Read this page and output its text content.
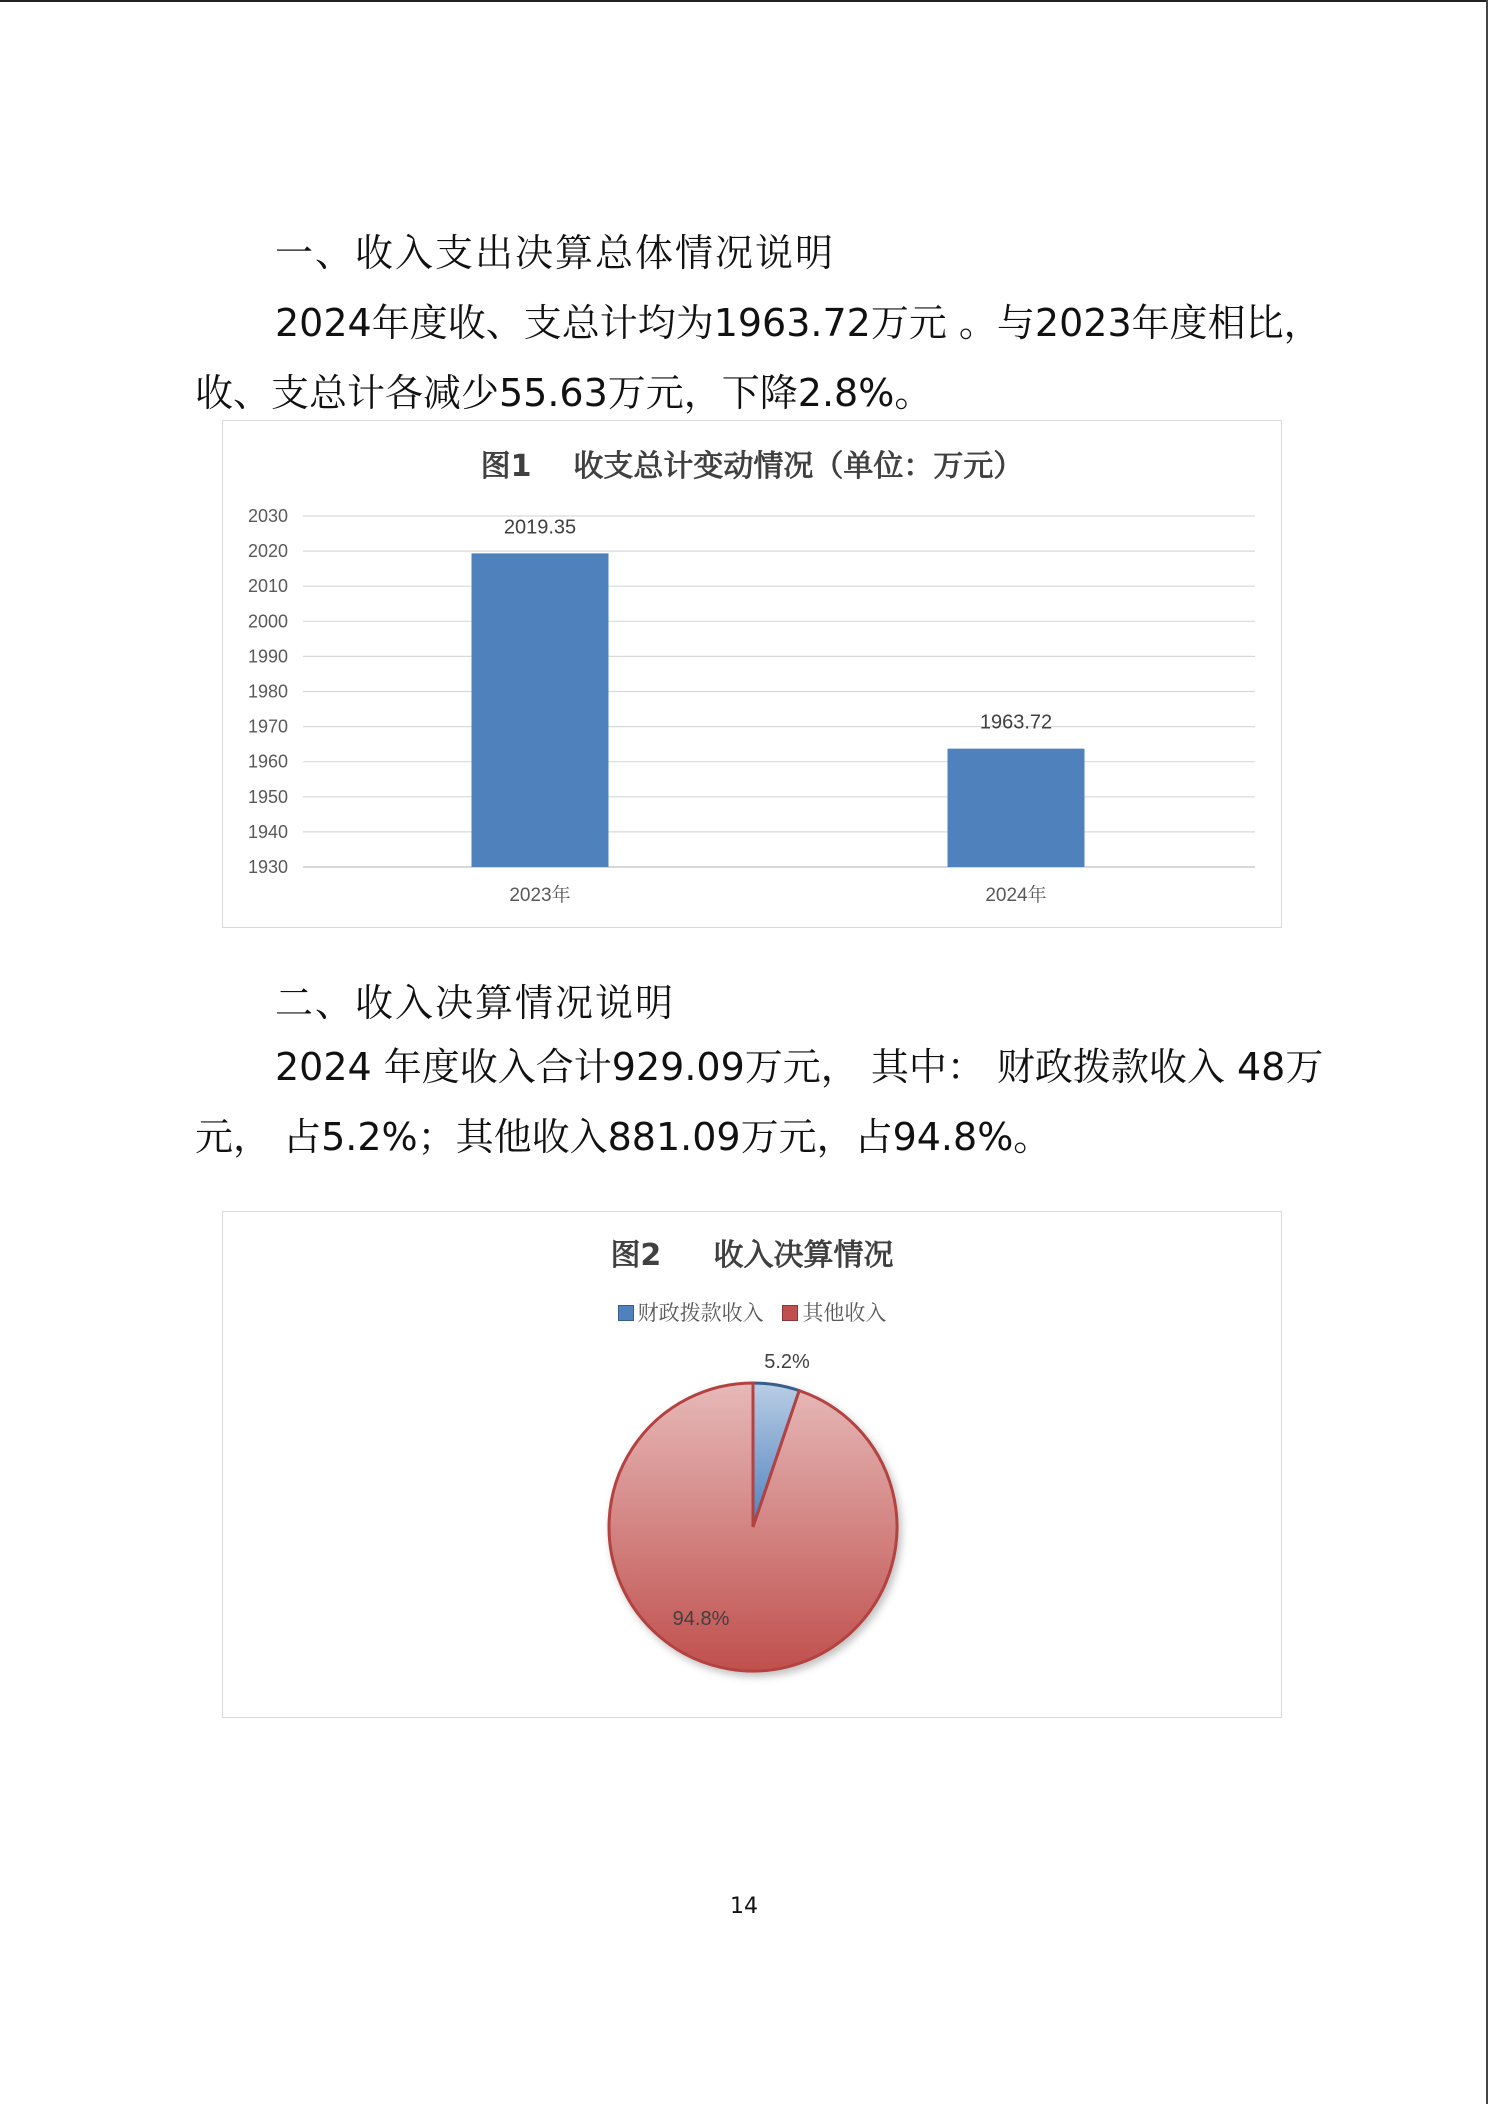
一、收入支出决算总体情况说明
2024年度收、支总计均为1963.72万元 。与2023年度相比，
收、支总计各减少55.63万元，下降2.8%。
图1    收支总计变动情况（单位：万元）
2030
2020
2010
2000
1990
1980
1970
1960
1950
1940
1930
2019.35
2023年
1963.72
2024年
二、收入决算情况说明
2024 年度收入合计929.09万元， 其中： 财政拨款收入 48万
元， 占5.2%；其他收入881.09万元，占94.8%。
图2     收入决算情况
财政拨款收入 其他收入
5.2%
94.8%
14
